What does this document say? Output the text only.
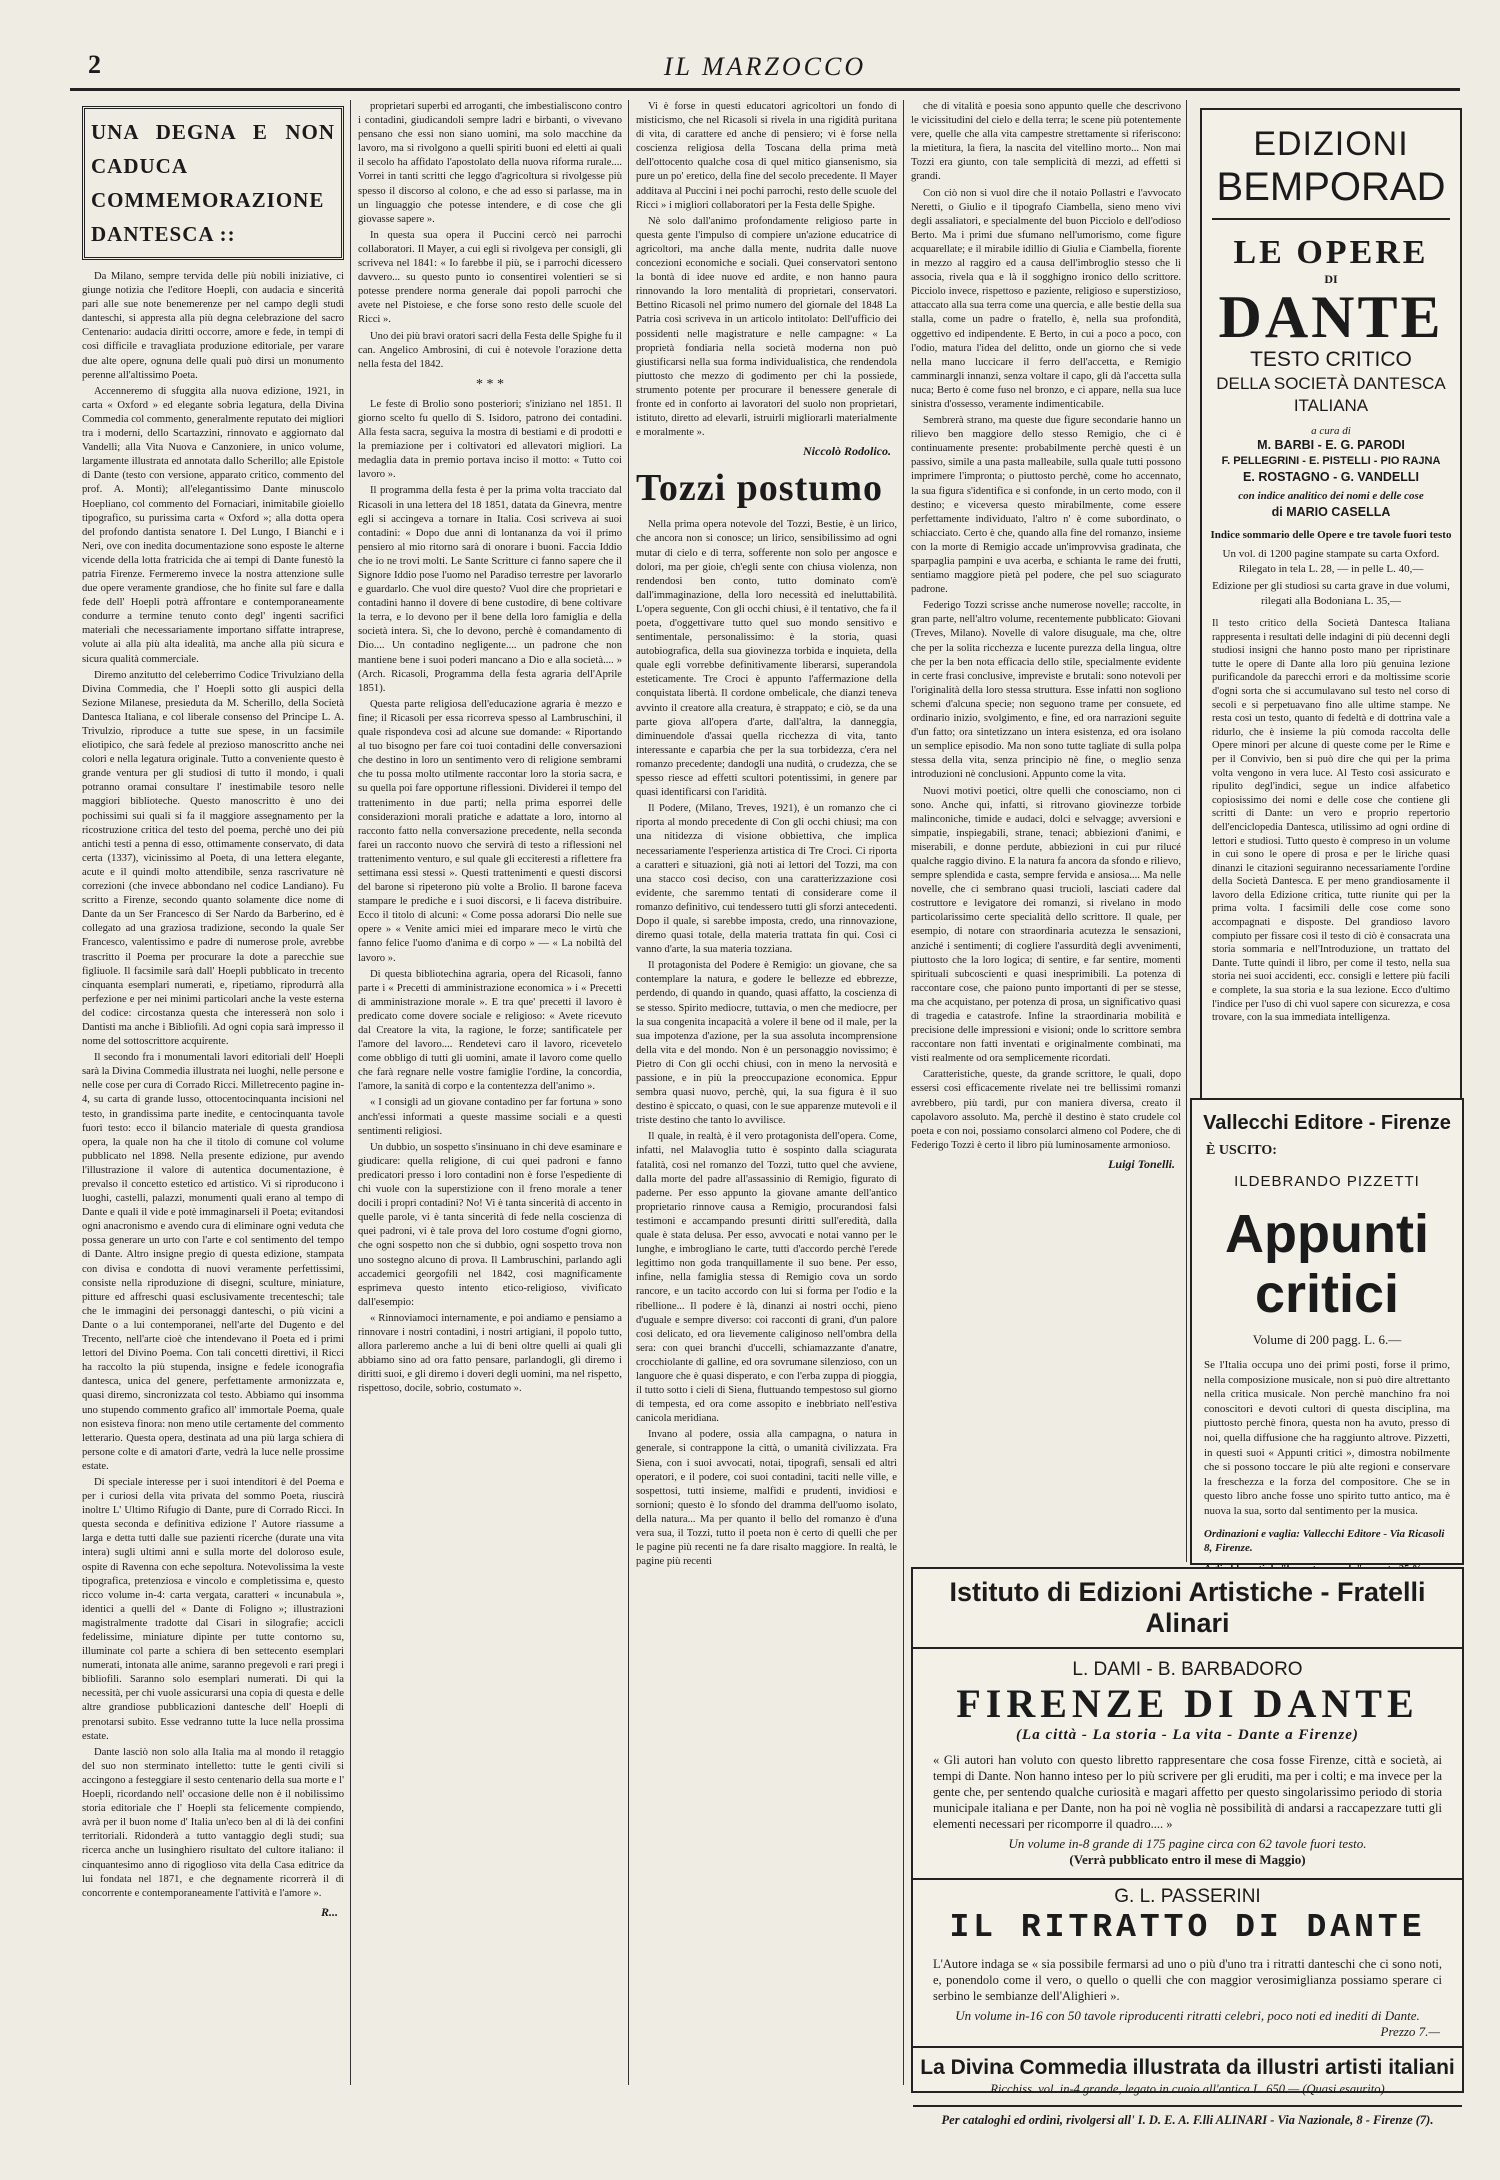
2	IL MARZOCCO
UNA DEGNA E NON CADUCA COMMEMORAZIONE DANTESCA ::

Da Milano, sempre tervida delle più nobili iniziative, ci giunge notizia che l'editore Hoepli, con audacia e sincerità pari alle sue note benemerenze per nel campo degli studi danteschi, si appresta alla più degna celebrazione del sacro Centenario: audacia diritti occorre, amore e fede, in tempi di così difficile e travagliata produzione editoriale, per varare due alte opere, ognuna delle quali può dirsi un monumento perenne all'altissimo Poeta.

Accenneremo di sfuggita alla nuova edizione, 1921, in carta « Oxford » ed elegante sobria legatura, della Divina Commedia col commento, generalmente reputato dei migliori tra i moderni, dello Scartazzini, rinnovato e aggiornato dal Vandelli; alla Vita Nuova e Canzoniere, in unico volume, largamente illustrata ed annotata dallo Scherillo; alle Epistole di Dante (testo con versione, apparato critico, commento del prof. A. Monti); all'elegantissimo Dante minuscolo Hoepliano, col commento del Fornaciari, inimitabile gioiello tipografico, su purissima carta « Oxford »; alla dotta opera del profondo dantista senatore I. Del Lungo, I Bianchi e i Neri, ove con inedita documentazione sono esposte le alterne vicende della lotta fratricida che ai tempi di Dante funestò la patria Firenze. Fermeremo invece la nostra attenzione sulle due opere veramente grandiose, che ho finite sul fare e dalla fede dell' Hoepli potrà affrontare e contemporaneamente condurre a termine tenuto conto degl' ingenti sacrifici materiali che necessariamente importano siffatte intraprese, volute ai alla più alta idealità, ma anche alla più sicura e sicura qualità commerciale.

Diremo anzitutto del celeberrimo Codice Trivulziano della Divina Commedia, che l' Hoepli sotto gli auspici della Sezione Milanese, presieduta da M. Scherillo, della Società Dantesca Italiana, e col liberale consenso del Principe L. A. Trivulzio, riproduce a tutte sue spese, in un facsimile eliotipico, che sarà fedele al prezioso manoscritto anche nei colori e nella legatura originale. Tutto a conveniente questo è grande ventura per gli studiosi di tutto il mondo, i quali potranno oramai consultare l' inestimabile tesoro nelle maggiori biblioteche. Questo manoscritto è uno dei pochissimi sui quali si fa il maggiore assegnamento per la ricostruzione critica del testo del poema, perchè uno dei più antichi testi a penna di esso, ottimamente conservato, di data certa (1337), vicinissimo al Poeta, di una lettera elegante, acute e il quindi molto attendibile, senza rascrivature nè correzioni (che invece abbondano nel codice Landiano). Fu scritto a Firenze, secondo quanto solamente dice nome di Dante da un Ser Francesco di Ser Nardo da Barberino, ed è collegato ad una graziosa tradizione, secondo la quale Ser Francesco, valentissimo e padre di numerose prole, avrebbe trascritto il Poema per procurare la dote a parecchie sue figliuole. Il facsimile sarà dall' Hoepli pubblicato in trecento cinquanta esemplari numerati, e, ripetiamo, riprodurrà alla perfezione e per nei minimi particolari anche la veste esterna del codice: circostanza questa che interesserà non solo i Dantisti ma anche i Bibliofili. Ad ogni copia sarà impresso il nome del sottoscrittore acquirente.

Il secondo fra i monumentali lavori editoriali dell' Hoepli sarà la Divina Commedia illustrata nei luoghi, nelle persone e nelle cose per cura di Corrado Ricci. Milletrecento pagine in-4, su carta di grande lusso, ottocentocinquanta incisioni nel testo, in grandissima parte inedite, e centocinquanta tavole fuori testo: ecco il bilancio materiale di questa grandiosa opera, la quale non ha che il titolo di comune col volume pubblicato nel 1898. Nella presente edizione, pur avendo l'illustrazione il valore di autentica documentazione, è prevalso il concetto estetico ed artistico. Vi si riproducono i luoghi, castelli, palazzi, monumenti quali erano al tempo di Dante e quali il vide e potè immaginarseli il Poeta; evitandosi ogni anacronismo e avendo cura di eliminare ogni veduta che possa generare un urto con l'arte e col sentimento del tempo di Dante. Altro insigne pregio di questa edizione, stampata con divisa e condotta di nuovi veramente perfettissimi, consiste nella riproduzione di disegni, sculture, miniature, pitture ed affreschi quasi esclusivamente trecenteschi; tale che le immagini dei personaggi danteschi, o più vicini a Dante o a lui contemporanei, nell'arte del Dugento e del Trecento, nell'arte cioè che intendevano il Poeta ed i primi lettori del Divino Poema. Con tali concetti direttivi, il Ricci ha raccolto la più stupenda, insigne e fedele iconografia dantesca, unica del genere, perfettamente armonizzata e, quasi diremo, sincronizzata col testo. Abbiamo qui insomma uno stupendo commento grafico all' immortale Poema, quale non esisteva finora: non meno utile certamente del commento letterario. Questa opera, destinata ad una più larga schiera di persone colte e di amatori d'arte, vedrà la luce nelle prossime estate.

Di speciale interesse per i suoi intenditori è del Poema e per i curiosi della vita privata del sommo Poeta, riuscirà inoltre L' Ultimo Rifugio di Dante, pure di Corrado Ricci. In questa seconda e definitiva edizione l' Autore riassume a larga e detta tutti dalle sue pazienti ricerche (durate una vita intera) sugli ultimi anni e sulla morte del doloroso esule, ospite di Ravenna con eche sepoltura. Notevolissima la veste tipografica, pretenziosa e vincolo e completissima e, questo ricco volume in-4: carta vergata, caratteri « incunabula », identici a quelli del « Dante di Foligno »; illustrazioni magistralmente tradotte dal Cisari in silografie; accicli fedelissime, miniature dipinte per tutte contorno su, illuminate col parte a schiera di ben settecento esemplari numerati, intonata alle anime, saranno pregevoli e rari pregi i bibliofili. Saranno solo esemplari numerati. Di qui la necessità, per chi vuole assicurarsi una copia di questa e delle altre grandiose pubblicazioni dantesche dell' Hoepli di prenotarsi subito. Esse vedranno tutte la luce nella prossima estate.

Dante lasciò non solo alla Italia ma al mondo il retaggio del suo non sterminato intelletto: tutte le genti civili si accingono a festeggiare il sesto centenario della sua morte e l' Hoepli, ricordando nell' occasione delle non è il nobilissimo storia editoriale che l' Hoepli sta felicemente compiendo, avrà per il buon nome d' Italia un'eco ben al di là dei confini territoriali. Ridonderà a tutto vantaggio degli studi; sua ricerca anche un lusinghiero risultato del cultore italiano: il cinquantesimo anno di rigoglioso vita della Casa editrice da lui fondata nel 1871, e che degnamente ricorrerà il dì concorrente e contemporaneamente l'attività e l'amore ».

R...

proprietari superbi ed arroganti, che imbestialiscono contro i contadini, giudicandoli sempre ladri e birbanti, o vivevano pensano che essi non siano uomini, ma solo macchine da lavoro, ma si rivolgono a quelli spiriti buoni ed eletti ai quali il secolo ha affidato l'apostolato della nuova riforma rurale.... Vorrei in tanti scritti che leggo d'agricoltura si rivolgesse più spesso il discorso al colono, e che ad esso si parlasse, ma in un linguaggio che potesse intendere, e di cose che gli giovasse sapere ».

In questa sua opera il Puccini cercò nei parrochi collaboratori. Il Mayer, a cui egli si rivolgeva per consigli, gli scriveva nel 1841: « Io farebbe il più, se i parrochi dicessero davvero... su questo punto io consentirei volentieri se si potesse prendere norma generale dai popoli parrochi che avete nel Pistoiese, e che forse sono resto delle scuole del Ricci ».

Uno dei più bravi oratori sacri della Festa delle Spighe fu il can. Angelico Ambrosini, di cui è notevole l'orazione detta nella festa del 1842.

* * *

Le feste di Brolio sono posteriori; s'iniziano nel 1851. Il giorno scelto fu quello di S. Isidoro, patrono dei contadini. Alla festa sacra, seguiva la mostra di bestiami e di prodotti e la premiazione per i coltivatori ed allevatori migliori. La medaglia data in premio portava inciso il motto: « Tutto coi lavoro ».

Il programma della festa è per la prima volta tracciato dal Ricasoli in una lettera del 18 1851, datata da Ginevra, mentre egli si accingeva a tornare in Italia. Così scriveva ai suoi contadini: « Dopo due anni di lontananza da voi il primo pensiero al mio ritorno sarà di onorare i buoni. Faccia Iddio che io ne trovi molti. Le Sante Scritture ci fanno sapere che il Signore Iddio pose l'uomo nel Paradiso terrestre per lavorarlo e guardarlo. Che vuol dire questo? Vuol dire che proprietari e contadini hanno il dovere di bene custodire, di bene coltivare la terra, e lo devono per il bene della loro famiglia e della società intera. Sì, che lo devono, perchè è comandamento di Dio.... Un contadino negligente.... un padrone che non mantiene bene i suoi poderi mancano a Dio e alla società.... » (Arch. Ricasoli, Programma della festa agraria dell'Aprile 1851).

Questa parte religiosa dell'educazione agraria è mezzo e fine; il Ricasoli per essa ricorreva spesso al Lambruschini, il quale rispondeva così ad alcune sue domande: « Riportando al tuo bisogno per fare coi tuoi contadini delle conversazioni che destino in loro un sentimento vero di religione sembrami che tu possa molto utilmente raccontar loro la storia sacra, e su quella poi fare opportune riflessioni. Dividerei il tempo del trattenimento in due parti; nella prima esporrei delle considerazioni morali pratiche e adattate a loro, intorno al racconto fatto nella conversazione precedente, nella seconda farei un racconto nuovo che servirà di testo a riflessioni nel trattenimento venturo, e sul quale gli ecciteresti a riflettere fra settimana essi stessi ». Questi trattenimenti e questi discorsi del barone si ripeterono più volte a Brolio. Il barone faceva stampare le prediche e i suoi discorsi, e li faceva distribuire. Ecco il titolo di alcuni: « Come possa adorarsi Dio nelle sue opere » « Venite amici miei ed imparare meco le virtù che fanno felice l'uomo d'anima e di corpo » — « La nobiltà del lavoro ».

Di questa bibliotechina agraria, opera del Ricasoli, fanno parte i « Precetti di amministrazione economica » i « Precetti di amministrazione morale ». E tra que' precetti il lavoro è predicato come dovere sociale e religioso: « Avete ricevuto dal Creatore la vita, la ragione, le forze; santificatele per l'amore del lavoro.... Rendetevi caro il lavoro, ricevetelo come obbligo di tutti gli uomini, amate il lavoro come quello che farà regnare nelle vostre famiglie l'ordine, la concordia, l'amore, la sanità di corpo e la contentezza dell'animo ».

« I consigli ad un giovane contadino per far fortuna » sono anch'essi informati a queste massime sociali e a questi sentimenti religiosi.

Un dubbio, un sospetto s'insinuano in chi deve esaminare e giudicare: quella religione, di cui quei padroni e fanno predicatori presso i loro contadini non è forse l'espediente di chi vuole con la superstizione con il freno morale a tener docili i propri contadini? No! Vi è tanta sincerità di accento in quelle parole, vi è tanta sincerità di fede nella coscienza di quei padroni, vi è tale prova del loro costume d'ogni giorno, che ogni sospetto non che si dubbio, ogni sospetto trova non uno sostegno alcuno di prova. Il Lambruschini, parlando agli accademici georgofili nel 1842, così magnificamente esprimeva questo intento etico-religioso, vivificato dall'esempio:

« Rinnoviamoci internamente, e poi andiamo e pensiamo a rinnovare i nostri contadini, i nostri artigiani, il popolo tutto, allora parleremo anche a lui di beni oltre quelli ai quali gli abbiamo sino ad ora fatto pensare, parlandogli, gli diremo i diritti suoi, e gli diremo i doveri degli uomini, ma nel rispetto, rispettoso, docile, sobrio, costumato ».

Vi è forse in questi educatori agricoltori un fondo di misticismo, che nel Ricasoli si rivela in una rigidità puritana di vita, di carattere ed anche di pensiero; vi è forse nella coscienza religiosa della Toscana della prima metà dell'ottocento qualche cosa di quel mitico giansenismo, sia pure un po' eretico, della fine del secolo precedente. Il Mayer additava al Puccini i nei pochi parrochi, resto delle scuole del Ricci » i migliori collaboratori per la Festa delle Spighe.

Nè solo dall'animo profondamente religioso parte in questa gente l'impulso di compiere un'azione educatrice di agricoltori, ma anche dalla mente, nudrita dalle nuove concezioni economiche e sociali. Quei conservatori sentono la bontà di idee nuove ed ardite, e non hanno paura rinnovando la loro mentalità di proprietari, conservatori. Bettino Ricasoli nel primo numero del giornale del 1848 La Patria così scriveva in un articolo intitolato: Dell'ufficio dei possidenti nelle magistrature e nelle campagne: « La proprietà fondiaria nella società moderna non può giustificarsi nella sua forma individualistica, che rendendola piuttosto che mezzo di godimento per chi la possiede, strumento potente per procurare il benessere generale di fronte ed in conforto ai lavoratori del suolo non proprietari, istituto, diretto ad elevarli, istruirli migliorarli materialmente e moralmente ».

Niccolò Rodolico.
Tozzi postumo

Nella prima opera notevole del Tozzi, Bestie, è un lirico, che ancora non si conosce; un lirico, sensibilissimo ad ogni mutar di cielo e di terra, sofferente non solo per angosce e dolori, ma per gioie, ch'egli sente con chiusa violenza, non rendendosi ben conto, tutto dominato com'è dall'immaginazione, della loro necessità ed ineluttabilità. L'opera seguente, Con gli occhi chiusi, è il tentativo, che fa il poeta, d'oggettivare tutto quel suo mondo sensitivo e sentimentale, personalissimo: è la storia, quasi autobiografica, della sua giovinezza torbida e inquieta, della quale egli vorrebbe definitivamente liberarsi, superandola esteticamente. Tre Croci è appunto l'affermazione della conquistata libertà. Il cordone ombelicale, che dianzi teneva avvinto il creatore alla creatura, è strappato; e ciò, se da una parte giova all'opera d'arte, dall'altra, la danneggia, diminuendole d'assai quella ricchezza di vita, tanto interessante e caparbia che per la sua torbidezza, c'era nel romanzo precedente; dandogli una nudità, o crudezza, che se spesso riesce ad effetti scultori potentissimi, in genere par quasi identificarsi con l'aridità.

Il Podere, (Milano, Treves, 1921), è un romanzo che ci riporta al mondo precedente di Con gli occhi chiusi; ma con una nitidezza di visione obbiettiva, che implica necessariamente l'esperienza artistica di Tre Croci. Ci riporta a caratteri e situazioni, già noti ai lettori del Tozzi, ma con una stacco così deciso, con una caratterizzazione così evidente, che saremmo tentati di considerare come il romanzo definitivo, cui tendessero tutti gli sforzi antecedenti. Dopo il quale, si sarebbe imposta, credo, una rinnovazione, diremo quasi totale, della materia trattata fin qui. Così ci vanno d'arte, la sua materia tozziana.

Il protagonista del Podere è Remigio: un giovane, che sa contemplare la natura, e godere le bellezze ed ebbrezze, perdendo, di quando in quando, quasi affatto, la coscienza di se stesso. Spirito mediocre, tuttavia, o men che mediocre, per la sua congenita incapacità a volere il bene od il male, per la sua impotenza d'azione, per la sua assoluta incomprensione della vita e del mondo. Non è un personaggio novissimo; è Pietro di Con gli occhi chiusi, con in meno la nervosità e passione, e in più la preoccupazione economica. Eppur sembra quasi nuovo, perchè, qui, la sua figura è il suo destino è spiccato, o quasi, con le sue apparenze mutevoli e il triste destino che tanto lo avvilisce.

Il quale, in realtà, è il vero protagonista dell'opera. Come, infatti, nel Malavoglia tutto è sospinto dalla sciagurata fatalità, così nel romanzo del Tozzi, tutto quel che avviene, dalla morte del padre all'assassinio di Remigio, figurato di paderne. Per esso appunto la giovane amante dell'antico proprietario rinnove causa a Remigio, procurandosi falsi testimoni e accampando presunti diritti sull'eredità, dalla quale è stata delusa. Per esso, avvocati e notai vanno per le lunghe, e imbrogliano le carte, tutti d'accordo perchè l'erede legittimo non goda tranquillamente il suo bene. Per esso, infine, nella famiglia stessa di Remigio cova un sordo rancore, e un tacito accordo con lui si forma per l'odio e la ribellione... Il podere è là, dinanzi ai nostri occhi, pieno d'uguale e sempre diverso: coi racconti di grani, d'un palore così delicato, ed ora lievemente caliginoso nell'ombra della sera: con quei branchi d'uccelli, schiamazzante d'anatre, crocchiolante di galline, ed ora sovrumane silenzioso, con un languore che è quasi disperato, e con l'erba zuppa di pioggia, il tutto sotto i cieli di Siena, fluttuando tempestoso sul giorno di tempesta, ed ora come assopito e inebbriato nell'estiva canicola meridiana.

Invano al podere, ossia alla campagna, o natura in generale, si contrappone la città, o umanità civilizzata. Fra Siena, con i suoi avvocati, notai, tipografi, sensali ed altri operatori, e il podere, coi suoi contadini, taciti nelle ville, e sospettosi, tutti insieme, malfidi e prudenti, invidiosi e sornioni; questo è lo sfondo del dramma dell'uomo isolato, della natura... Ma per quanto il bello del romanzo è d'una vera sua, il Tozzi, tutto il poeta non è certo di quelli che per le pagine più recenti ne fa dare risalto maggiore. In realtà, le pagine più recenti

che di vitalità e poesia sono appunto quelle che descrivono le vicissitudini del cielo e della terra; le scene più potentemente vere, quelle che alla vita campestre strettamente si riferiscono: la mietitura, la fiera, la nascita del vitellino morto... Non mai Tozzi era giunto, con tale semplicità di mezzi, ad effetti sì grandi.

Con ciò non si vuol dire che il notaio Pollastri e l'avvocato Neretti, o Giulio e il tipografo Ciambella, sieno meno vivi degli assaliatori, e specialmente del buon Picciolo e dell'odioso Berto. Ma i primi due sfumano nell'umorismo, come figure acquarellate; e il mirabile idillio di Giulia e Ciambella, fiorente in mezzo al raggiro ed a causa dell'imbroglio stesso che li associa, rivela qua e là il sogghigno ironico dello scrittore. Picciolo invece, rispettoso e paziente, religioso e superstizioso, attaccato alla sua terra come una quercia, e alle bestie della sua stalla, come un padre o fratello, è, nella sua profondità, oggettivo ed indipendente. E Berto, in cui a poco a poco, con l'odio, matura l'idea del delitto, onde un giorno che si vede nella mano luccicare il ferro dell'accetta, e Remigio camminargli innanzi, senza voltare il capo, gli dà l'accetta sulla nuca; Berto è come fuso nel bronzo, e ci appare, nella sua luce sinistra d'ossesso, veramente indimenticabile.

Sembrerà strano, ma queste due figure secondarie hanno un rilievo ben maggiore dello stesso Remigio, che ci è continuamente presente: probabilmente perchè questi è un passivo, simile a una pasta malleabile, sulla quale tutti possono imprimere l'impronta; o piuttosto perchè, come ho accennato, la sua figura s'identifica e si confonde, in un certo modo, con il destino; e viceversa questo mirabilmente, come essere perfettamente individuato, l'altro n' è come subordinato, o schiacciato. Certo è che, quando alla fine del romanzo, insieme con la morte di Remigio accade un'improvvisa gradinata, che sparpaglia pampini e uva acerba, e schianta le rame dei frutti, sentiamo maggiore pietà pel podere, che pel suo sciagurato padrone.

Federigo Tozzi scrisse anche numerose novelle; raccolte, in gran parte, nell'altro volume, recentemente pubblicato: Giovani (Treves, Milano). Novelle di valore disuguale, ma che, oltre che per la solita ricchezza e lucente purezza della lingua, oltre che per la ben nota efficacia dello stile, specialmente evidente in certe frasi conclusive, impreviste e brutali: sono notevoli per l'originalità della loro stessa struttura. Esse infatti non sogliono schemi d'alcuna specie; non seguono trame per consuete, ed ordinario inizio, svolgimento, e fine, ed ora narrazioni seguite d'un fatto; ora sintetizzano un intera esistenza, ed ora isolano un semplice episodio. Ma non sono tutte tagliate di sulla polpa stessa della vita, senza principio nè fine, o meglio senza introduzioni nè conclusioni. Appunto come la vita.

Nuovi motivi poetici, oltre quelli che conosciamo, non ci sono. Anche qui, infatti, si ritrovano giovinezze torbide malinconiche, timide e audaci, dolci e selvagge; avversioni e simpatie, inspiegabili, strane, tenaci; abbiezioni d'animi, e miserabili, e donne perdute, abbiezioni in cui pur rilucé qualche raggio divino. E la natura fa ancora da sfondo e rilievo, sempre splendida e casta, sempre fervida e ansiosa.... Ma nelle novelle, che ci sembrano quasi trucioli, lasciati cadere dal costruttore e levigatore dei romanzi, si rivelano in modo particolarissimo certe specialità dello scrittore. Il quale, per esempio, di notare con straordinaria acutezza le sensazioni, anziché i sentimenti; di cogliere l'assurdità degli avvenimenti, piuttosto che la loro logica; di sentire, e far sentire, momenti spirituali subcoscienti e quasi inesprimibili. La potenza di raccontare cose, che paiono punto importanti di per se stesse, ma che acquistano, per potenza di prosa, un significativo quasi di tragedia e catastrofe. Infine la straordinaria mobilità e precisione delle impressioni e visioni; onde lo scrittore sembra raccontare non fatti inventati e originalmente combinati, ma visti realmente od ora semplicemente ricordati.

Caratteristiche, queste, da grande scrittore, le quali, dopo essersi così efficacemente rivelate nei tre bellissimi romanzi avrebbero, più tardi, pur con maniera diversa, creato il capolavoro assoluto. Ma, perchè il destino è stato crudele col poeta e con noi, possiamo consolarci almeno col Podere, che di Federigo Tozzi è certo il libro più luminosamente armonioso.

Luigi Tonelli.
EDIZIONI
BEMPORAD
LE OPERE
DI
DANTE
TESTO CRITICO
DELLA SOCIETÀ DANTESCA ITALIANA
a cura di
M. BARBI - E. G. PARODI
F. PELLEGRINI - E. PISTELLI - PIO RAJNA
E. ROSTAGNO - G. VANDELLI
con indice analitico dei nomi e delle cose
di MARIO CASELLA
Indice sommario delle Opere e tre tavole fuori testo
Un vol. di 1200 pagine stampate su carta Oxford. Rilegato in tela L. 28, — in pelle L. 40,—
Edizione per gli studiosi su carta grave in due volumi, rilegati alla Bodoniana L. 35,—
Il testo critico della Società Dantesca Italiana rappresenta i resultati delle indagini di più decenni degli studiosi insigni che hanno posto mano per ripristinare tutte le opere di Dante alla loro più genuina lezione purificandole da parecchi errori e da moltissime scorie d'ogni sorta che si accumulavano sul testo nel corso di secoli e si perpetuavano fino alle ultime stampe. Ne resta così un testo, quanto di fedeltà e di dottrina vale a ridurlo, che è insieme la più comoda raccolta delle Opere minori per alcune di queste come per le Rime e per il Convivio, ben si può dire che qui per la prima volta vengono in vera luce. Al Testo così assicurato e ripulito degl'indici, segue un indice alfabetico copiosissimo dei nomi e delle cose che contiene gli scritti di Dante: un vero e proprio repertorio dell'enciclopedia Dantesca, utilissimo ad ogni ordine di lettori e studiosi. Tutto questo è compreso in un volume in cui sono le opere di prosa e per le liriche quasi dinanzi le citazioni seguiranno necessariamente l'ordine della Società Dantesca. E per meno grandiosamente il lavoro della Edizione critica, tutte riunite qui per la prima volta. I facsimili delle cose come sono accompagnati e disposte. Del grandioso lavoro compiuto per fissare così il testo di ciò è consacrata una storia sommaria e nell'Introduzione, un trattato del Dante. Tutte quindi il libro, per come il testo, nella sua storia nei suoi accidenti, ecc. consigli e lettere più facili e complete, la sua storia e la sua lezione. Ecco d'ultimo l'indice per l'uso di chi vuol sapere con sicurezza, e cosa trovare, con la sua immediata intelligenza.
Vallecchi Editore - Firenze
È USCITO:
ILDEBRANDO PIZZETTI
Appunti critici
Volume di 200 pagg. L. 6.—
Se l'Italia occupa uno dei primi posti, forse il primo, nella composizione musicale, non si può dire altrettanto nella critica musicale. Non perchè manchino fra noi conoscitori e devoti cultori di questa disciplina, ma piuttosto perchè finora, questa non ha avuto, presso di noi, quella diffusione che ha raggiunto altrove. Pizzetti, in questi suoi « Appunti critici », dimostra nobilmente che si possono toccare le più alte regioni e conservare la freschezza e la forza del compositore. Che se in questo libro anche fosse uno spirito tutto antico, ma è nuova la sua, sorto dal sentimento per la musica.
Ordinazioni e vaglia: Vallecchi Editore - Via Ricasoli 8, Firenze.
Istituto di Edizioni Artistiche - Fratelli Alinari
L. DAMI - B. BARBADORO
FIRENZE DI DANTE
(La città - La storia - La vita - Dante a Firenze)
« Gli autori han voluto con questo libretto rappresentare che cosa fosse Firenze, città e società, ai tempi di Dante. Non hanno inteso per lo più scrivere per gli eruditi, ma per i colti; e ma invece per la gente che, per sentendo qualche curiosità e magari affetto per questo singolarissimo periodo di storia municipale italiana e per Dante, non ha poi nè voglia nè possibilità di andarsi a raccapezzare tutti gli elementi necessari per ricomporre il quadro.... »
Un volume in-8 grande di 175 pagine circa con 62 tavole fuori testo.
(Verrà pubblicato entro il mese di Maggio)
G. L. PASSERINI
IL RITRATTO DI DANTE
L'Autore indaga se « sia possibile fermarsi ad uno o più d'uno tra i ritratti danteschi che ci sono noti, e, ponendolo come il vero, o quello o quelli che con maggior verosimiglianza possiamo sperare ci serbino le sembianze dell'Alighieri ».
Un volume in-16 con 50 tavole riproducenti ritratti celebri, poco noti ed inediti di Dante.
Prezzo 7.—
La Divina Commedia illustrata da illustri artisti italiani
Ricchiss. vol. in-4 grande, legato in cuoio all'antica L. 650.— (Quasi esaurito)
Per cataloghi ed ordini, rivolgersi all' I. D. E. A. F.lli ALINARI - Via Nazionale, 8 - Firenze (7).
